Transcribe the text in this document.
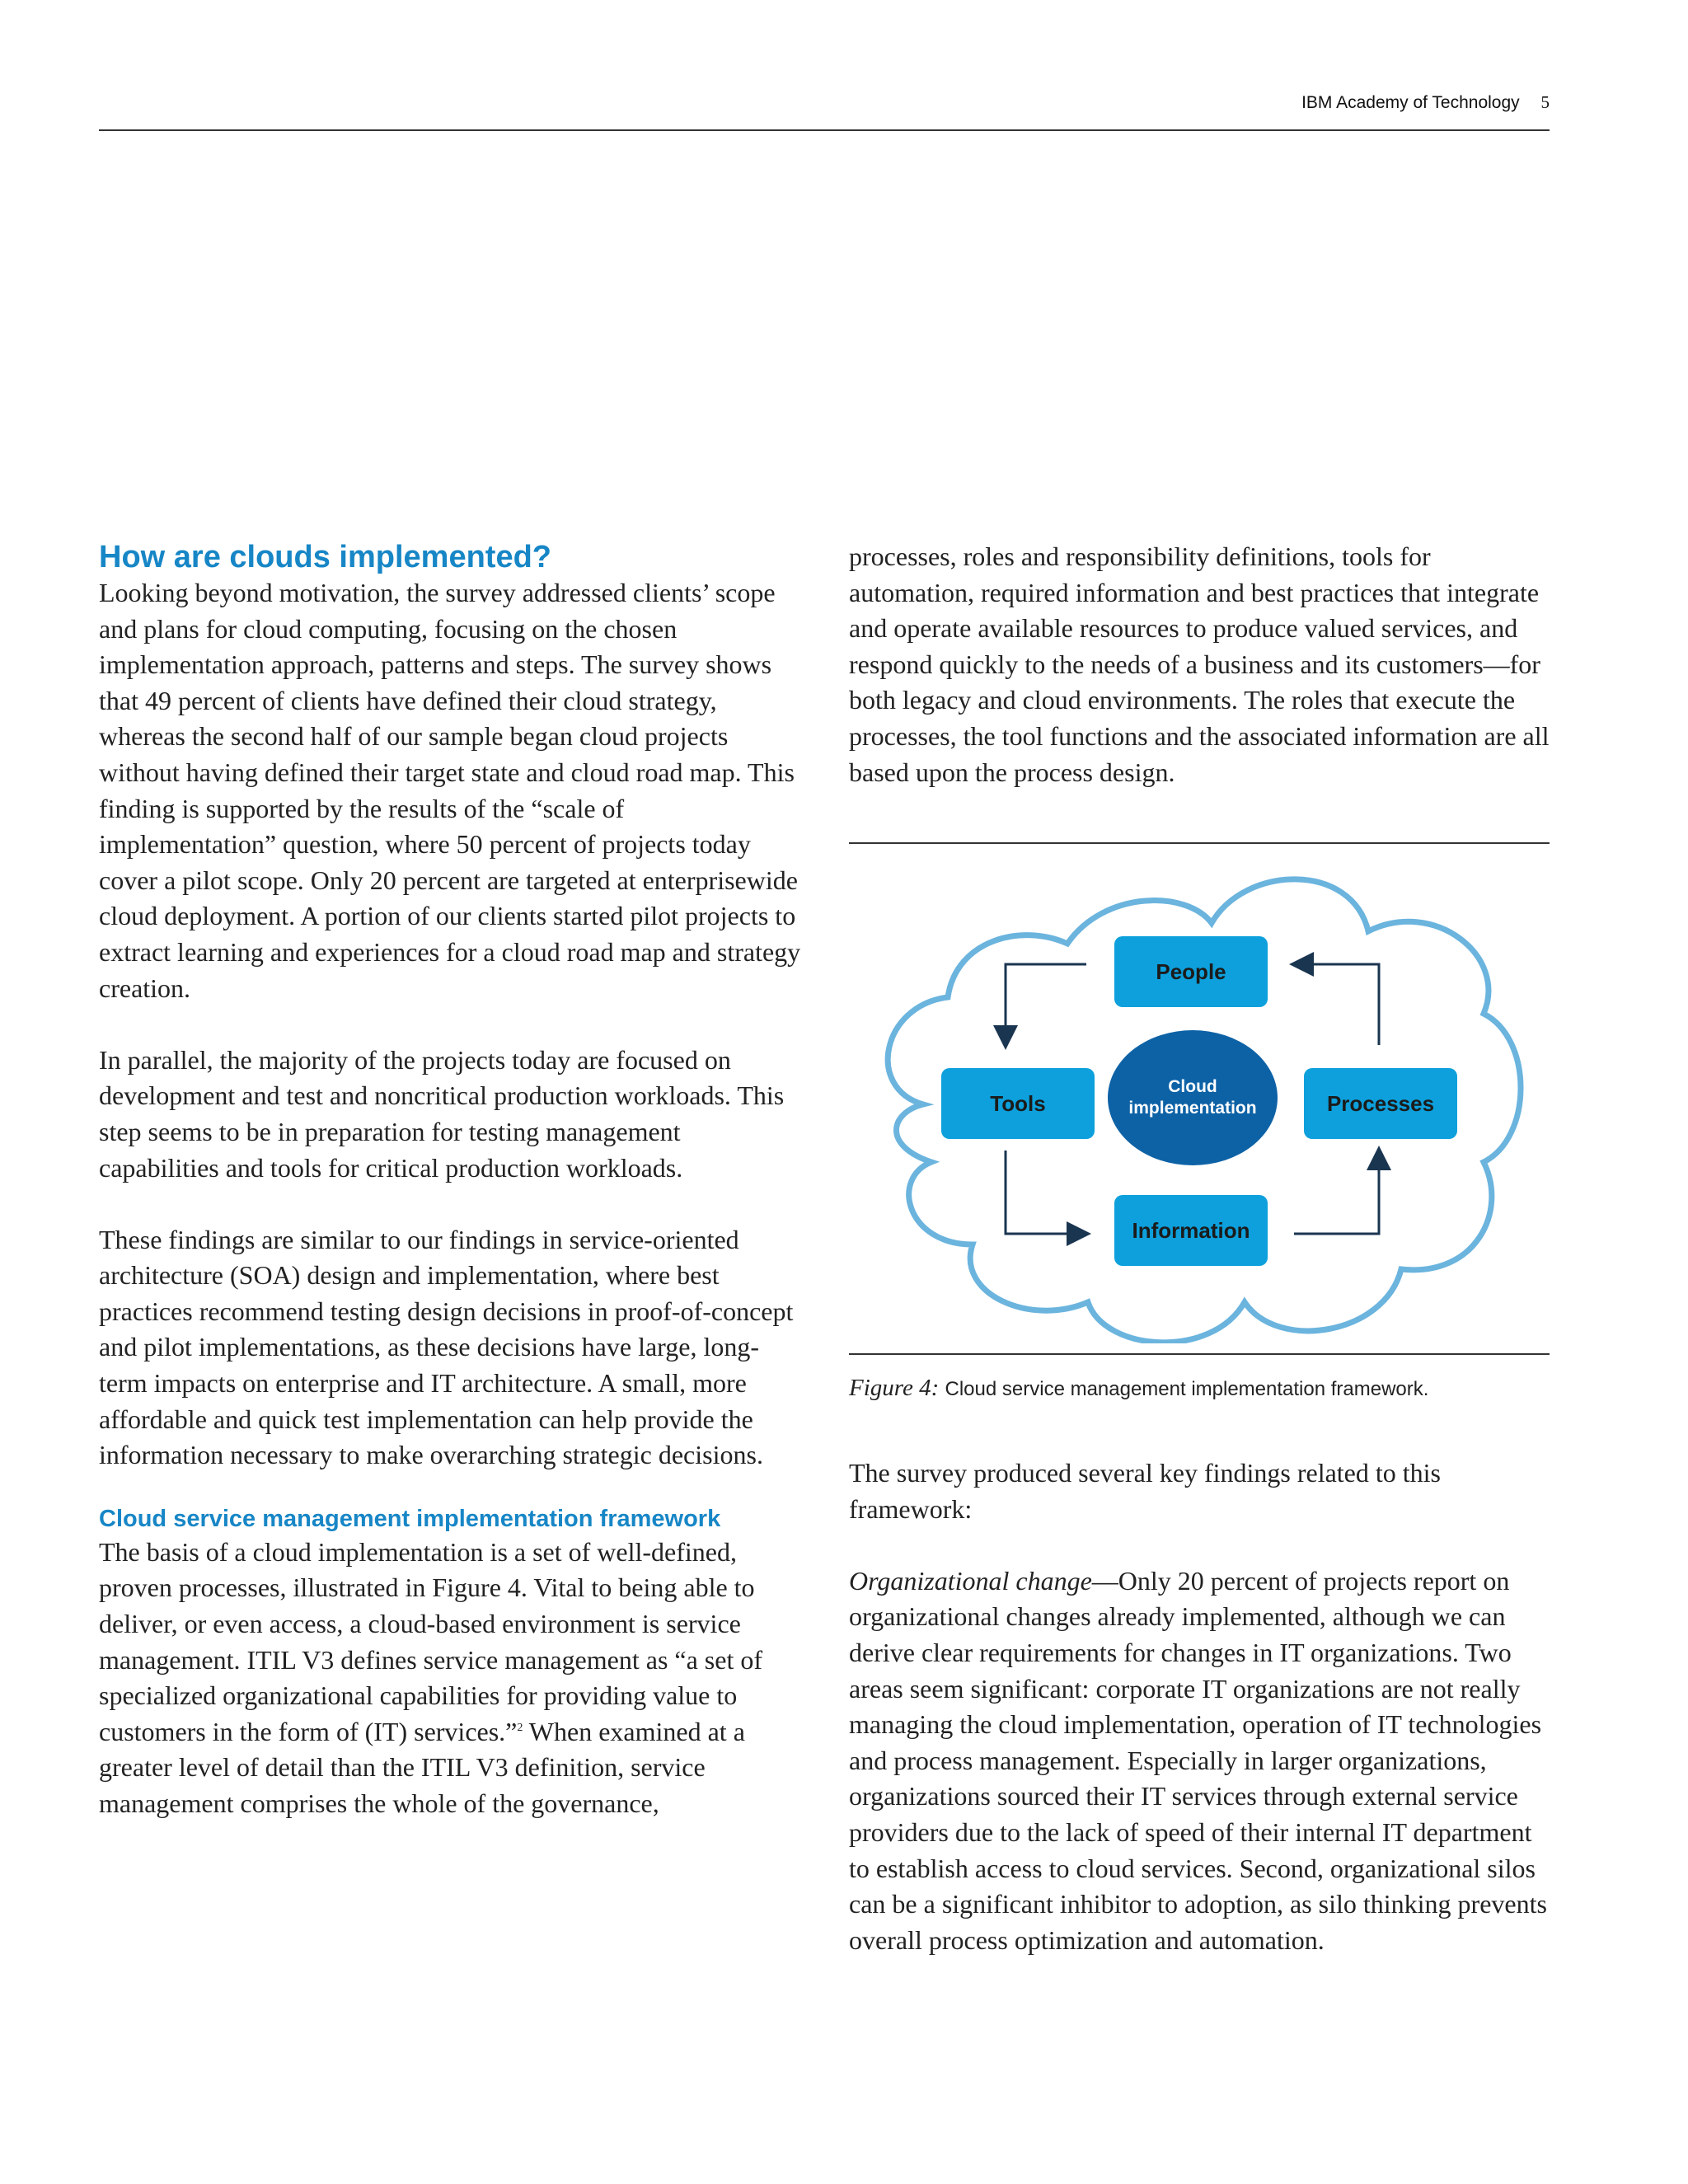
IBM Academy of Technology 5
How are clouds implemented?

Looking beyond motivation, the survey addressed clients’ scope and plans for cloud computing, focusing on the chosen implementation approach, patterns and steps. The survey shows that 49 percent of clients have defined their cloud strategy, whereas the second half of our sample began cloud projects without having defined their target state and cloud road map. This finding is supported by the results of the “scale of implementation” question, where 50 percent of projects today cover a pilot scope. Only 20 percent are targeted at enterprisewide cloud deployment. A portion of our clients started pilot projects to extract learning and experiences for a cloud road map and strategy creation.

In parallel, the majority of the projects today are focused on development and test and noncritical production workloads. This step seems to be in preparation for testing management capabilities and tools for critical production workloads.

These findings are similar to our findings in service-oriented architecture (SOA) design and implementation, where best practices recommend testing design decisions in proof-of-concept and pilot implementations, as these decisions have large, long-term impacts on enterprise and IT architecture. A small, more affordable and quick test implementation can help provide the information necessary to make overarching strategic decisions.

Cloud service management implementation framework

The basis of a cloud implementation is a set of well-defined, proven processes, illustrated in Figure 4. Vital to being able to deliver, or even access, a cloud-based environment is service management. ITIL V3 defines service management as “a set of specialized organizational capabilities for providing value to customers in the form of (IT) services.”$^2$ When examined at a greater level of detail than the ITIL V3 definition, service management comprises the whole of the governance,

processes, roles and responsibility definitions, tools for automation, required information and best practices that integrate and operate available resources to produce valued services, and respond quickly to the needs of a business and its customers—for both legacy and cloud environments. The roles that execute the processes, the tool functions and the associated information are all based upon the process design.

People
Tools	Processes
Information
Cloud
implementation
Figure 4: Cloud service management implementation framework.

The survey produced several key findings related to this framework:

Organizational change—Only 20 percent of projects report on organizational changes already implemented, although we can derive clear requirements for changes in IT organizations. Two areas seem significant: corporate IT organizations are not really managing the cloud implementation, operation of IT technologies and process management. Especially in larger organizations, organizations sourced their IT services through external service providers due to the lack of speed of their internal IT department to establish access to cloud services. Second, organizational silos can be a significant inhibitor to adoption, as silo thinking prevents overall process optimization and automation.
